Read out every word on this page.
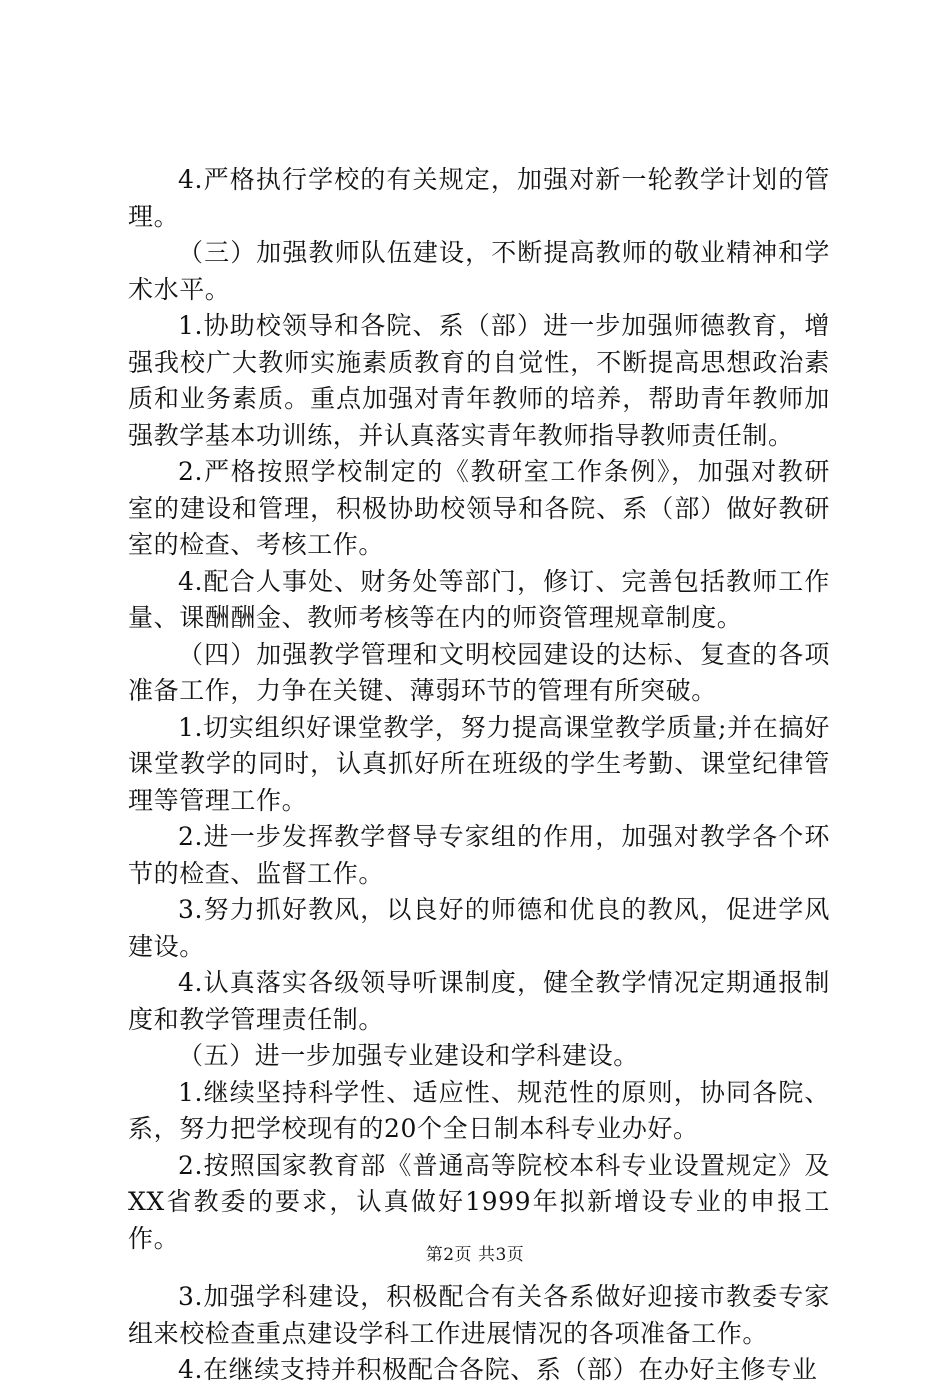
4.严格执行学校的有关规定，加强对新一轮教学计划的管理。

（三）加强教师队伍建设，不断提高教师的敬业精神和学术水平。

1.协助校领导和各院、系（部）进一步加强师德教育，增强我校广大教师实施素质教育的自觉性，不断提高思想政治素质和业务素质。重点加强对青年教师的培养，帮助青年教师加强教学基本功训练，并认真落实青年教师指导教师责任制。

2.严格按照学校制定的《教研室工作条例》，加强对教研室的建设和管理，积极协助校领导和各院、系（部）做好教研室的检查、考核工作。

4.配合人事处、财务处等部门，修订、完善包括教师工作量、课酬酬金、教师考核等在内的师资管理规章制度。

（四）加强教学管理和文明校园建设的达标、复查的各项准备工作，力争在关键、薄弱环节的管理有所突破。

1.切实组织好课堂教学，努力提高课堂教学质量;并在搞好课堂教学的同时，认真抓好所在班级的学生考勤、课堂纪律管理等管理工作。

2.进一步发挥教学督导专家组的作用，加强对教学各个环节的检查、监督工作。

3.努力抓好教风，以良好的师德和优良的教风，促进学风建设。

4.认真落实各级领导听课制度，健全教学情况定期通报制度和教学管理责任制。

（五）进一步加强专业建设和学科建设。

1.继续坚持科学性、适应性、规范性的原则，协同各院、系，努力把学校现有的20个全日制本科专业办好。

2.按照国家教育部《普通高等院校本科专业设置规定》及XX省教委的要求，认真做好1999年拟新增设专业的申报工作。

3.加强学科建设，积极配合有关各系做好迎接市教委专家组来校检查重点建设学科工作进展情况的各项准备工作。

4.在继续支持并积极配合各院、系（部）在办好主修专业

第2页 共3页
